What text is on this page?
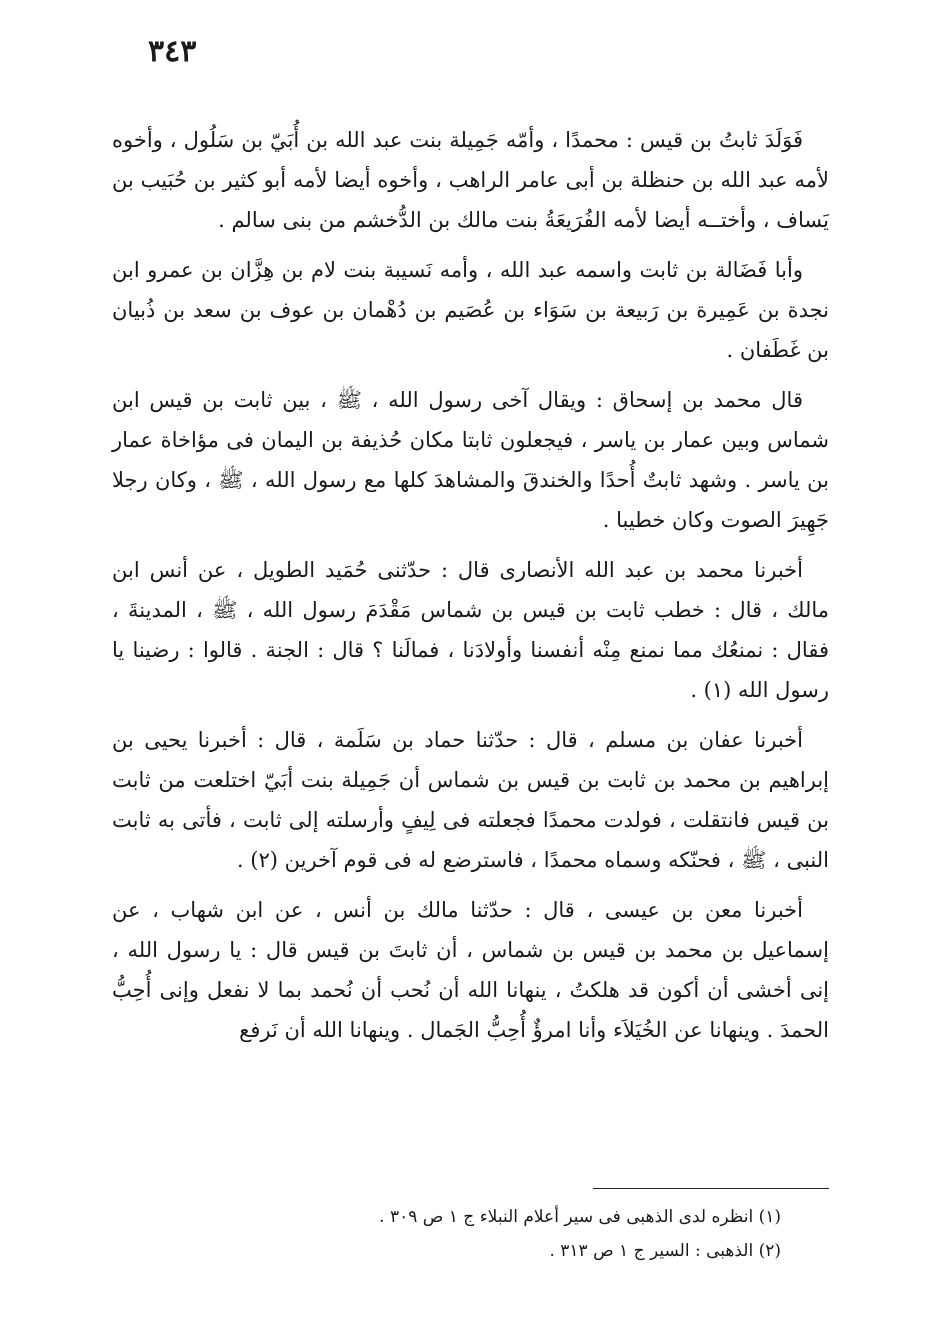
٣٤٣

فَوَلَدَ ثابتُ بن قيس : محمدًا ، وأمّه جَمِيلة بنت عبد الله بن أُبَيّ بن سَلُول ، وأخوه لأمه عبد الله بن حنظلة بن أبى عامر الراهب ، وأخوه أيضا لأمه أبو كثير بن حُبَيب بن يَساف ، وأختــه أيضا لأمه الفُرَيعَةُ بنت مالك بن الدُّخشم من بنى سالم .

وأبا فَضَالة بن ثابت واسمه عبد الله ، وأمه نَسيبة بنت لام بن هِزَّان بن عمرو ابن نجدة بن عَمِيرة بن رَبيعة بن سَوَاء بن عُصَيم بن دُهْمان بن عوف بن سعد بن ذُبيان بن غَطَفان .

قال محمد بن إسحاق : ويقال آخى رسول الله ، ﷺ ، بين ثابت بن قيس ابن شماس وبين عمار بن ياسر ، فيجعلون ثابتا مكان حُذيفة بن اليمان فى مؤاخاة عمار بن ياسر . وشهد ثابتٌ أُحدًا والخندقَ والمشاهدَ كلها مع رسول الله ، ﷺ ، وكان رجلا جَهِيرَ الصوت وكان خطيبا .

أخبرنا محمد بن عبد الله الأنصارى قال : حدّثنى حُمَيد الطويل ، عن أنس ابن مالك ، قال : خطب ثابت بن قيس بن شماس مَقْدَمَ رسول الله ، ﷺ ، المدينةَ ، فقال : نمنعُك مما نمنع مِنْه أنفسنا وأولادَنا ، فمالَنا ؟ قال : الجنة . قالوا : رضينا يا رسول الله (١) .

أخبرنا عفان بن مسلم ، قال : حدّثنا حماد بن سَلَمة ، قال : أخبرنا يحيى بن إبراهيم بن محمد بن ثابت بن قيس بن شماس أن جَمِيلة بنت أبَيّ اختلعت من ثابت بن قيس فانتقلت ، فولدت محمدًا فجعلته فى لِيفٍ وأرسلته إلى ثابت ، فأتى به ثابت النبى ، ﷺ ، فحنّكه وسماه محمدًا ، فاسترضع له فى قوم آخرين (٢) .

أخبرنا معن بن عيسى ، قال : حدّثنا مالك بن أنس ، عن ابن شهاب ، عن إسماعيل بن محمد بن قيس بن شماس ، أن ثابتَ بن قيس قال : يا رسول الله ، إنى أخشى أن أكون قد هلكتُ ، ينهانا الله أن نُحب أن نُحمد بما لا نفعل وإنى أُحِبُّ الحمدَ . وينهانا عن الخُيَلاَء وأنا امرؤٌ أُحِبُّ الجَمال . وينهانا الله أن نَرفع

(١) انظره لدى الذهبى فى سير أعلام النبلاء ج ١ ص ٣٠٩ .

(٢) الذهبى : السير ج ١ ص ٣١٣ .
